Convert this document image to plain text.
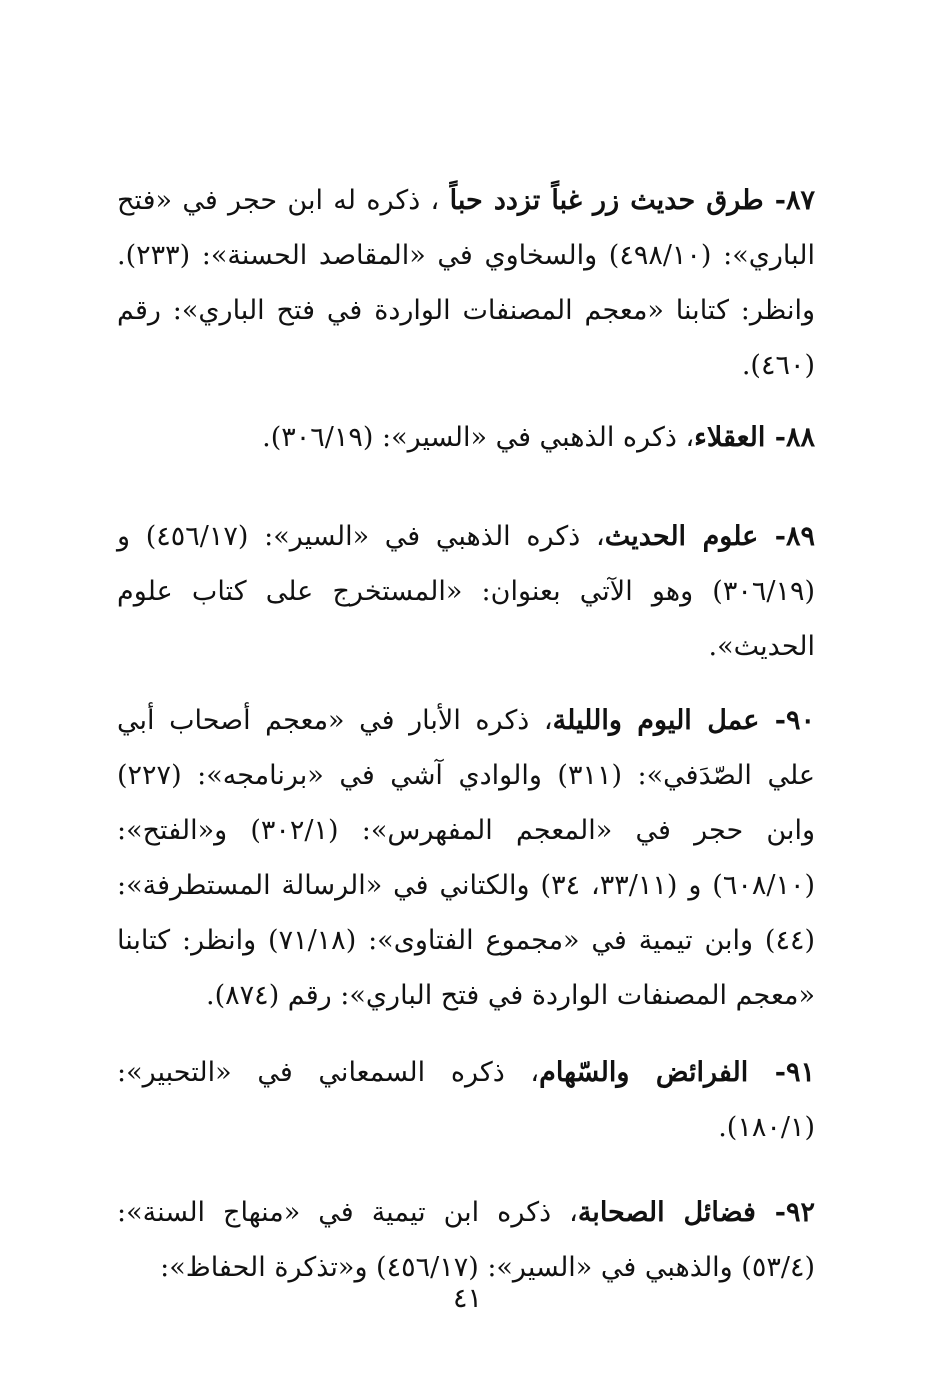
٨٧- طرق حديث زر غباً تزدد حباً ، ذكره له ابن حجر في «فتح الباري»: (٤٩٨/١٠) والسخاوي في «المقاصد الحسنة»: (٢٣٣). وانظر: كتابنا «معجم المصنفات الواردة في فتح الباري»: رقم (٤٦٠).

٨٨- العقلاء، ذكره الذهبي في «السير»: (٣٠٦/١٩).

٨٩- علوم الحديث، ذكره الذهبي في «السير»: (٤٥٦/١٧) و (٣٠٦/١٩) وهو الآتي بعنوان: «المستخرج على كتاب علوم الحديث».

٩٠- عمل اليوم والليلة، ذكره الأبار في «معجم أصحاب أبي علي الصّدَفي»: (٣١١) والوادي آشي في «برنامجه»: (٢٢٧) وابن حجر في «المعجم المفهرس»: (٣٠٢/١) و«الفتح»: (٦٠٨/١٠) و (٣٣/١١، ٣٤) والكتاني في «الرسالة المستطرفة»: (٤٤) وابن تيمية في «مجموع الفتاوى»: (٧١/١٨) وانظر: كتابنا «معجم المصنفات الواردة في فتح الباري»: رقم (٨٧٤).

٩١- الفرائض والسّهام، ذكره السمعاني في «التحبير»: (١٨٠/١).

٩٢- فضائل الصحابة، ذكره ابن تيمية في «منهاج السنة»: (٥٣/٤) والذهبي في «السير»: (٤٥٦/١٧) و«تذكرة الحفاظ»:

٤١
